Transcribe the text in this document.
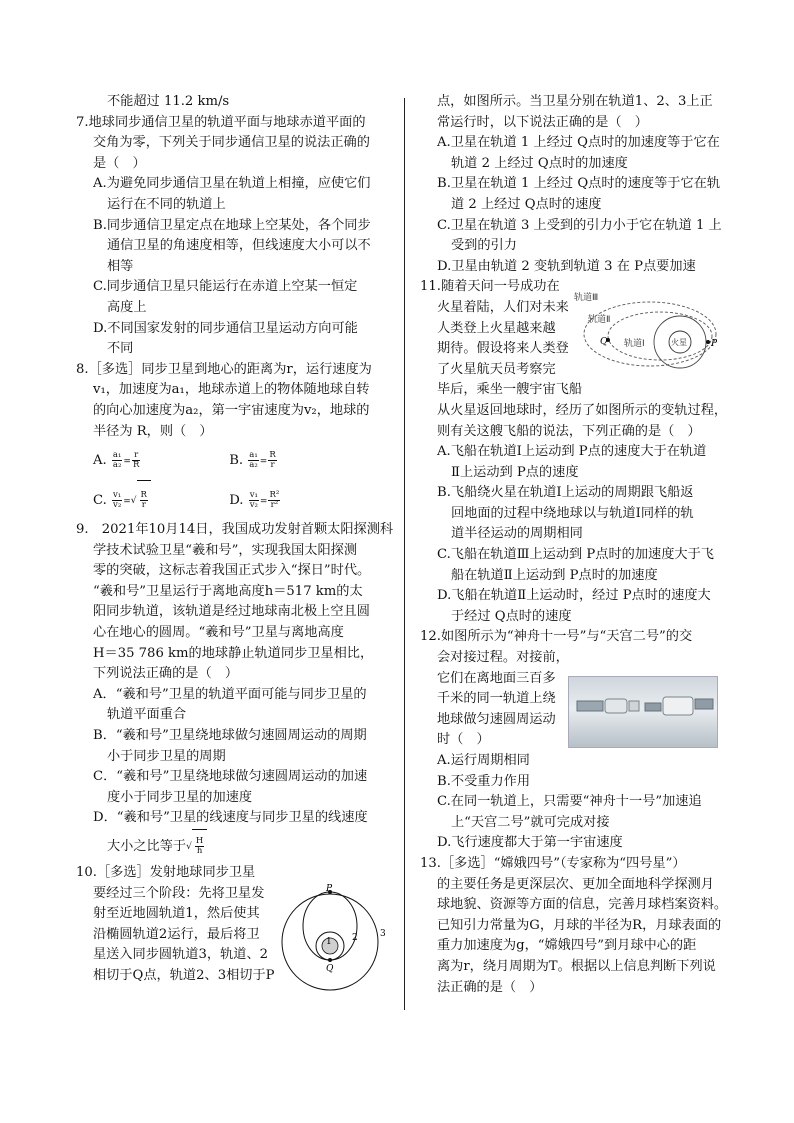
不能超过 11.2 km/s
7.地球同步通信卫星的轨道平面与地球赤道平面的
交角为零，下列关于同步通信卫星的说法正确的
是（　）
A.为避免同步通信卫星在轨道上相撞，应使它们
运行在不同的轨道上
B.同步通信卫星定点在地球上空某处，各个同步
通信卫星的角速度相等，但线速度大小可以不
相等
C.同步通信卫星只能运行在赤道上空某一恒定
高度上
D.不同国家发射的同步通信卫星运动方向可能
不同
8.［多选］同步卫星到地心的距离为r，运行速度为
v₁，加速度为a₁，地球赤道上的物体随地球自转
的向心加速度为a₂，第一宇宙速度为v₂，地球的
半径为 R，则（　）
A. $\frac{\text{a₁}}{\text{a₂}} = \frac{r}{R}$	B. $\frac{\text{a₁}}{\text{a₂}} = \frac{R}{r}$
C. $\frac{\text{v₁}}{\text{v₂}}$ =√ $\frac{R}{r}$	D. $\frac{\text{v₁}}{\text{v₂}} = \frac{\text{R²}}{\text{r²}}$
9.　2021年10月14日，我国成功发射首颗太阳探测科
学技术试验卫星“羲和号”，实现我国太阳探测
零的突破，这标志着我国正式步入“探日”时代。
“羲和号”卫星运行于离地高度h＝517 km的太
阳同步轨道，该轨道是经过地球南北极上空且圆
心在地心的圆周。“羲和号”卫星与离地高度
H＝35 786 km的地球静止轨道同步卫星相比，
下列说法正确的是（　）
A．“羲和号”卫星的轨道平面可能与同步卫星的
轨道平面重合
B．“羲和号”卫星绕地球做匀速圆周运动的周期
小于同步卫星的周期
C．“羲和号”卫星绕地球做匀速圆周运动的加速
度小于同步卫星的加速度
D．“羲和号”卫星的线速度与同步卫星的线速度
大小之比等于√ $\frac{H}{h}$
10.［多选］发射地球同步卫星
要经过三个阶段：先将卫星发
射至近地圆轨道1，然后使其
沿椭圆轨道2运行，最后将卫
星送入同步圆轨道3，轨道、2
相切于Q点，轨道2、3相切于P
P
Q
1 2 3
点，如图所示。当卫星分别在轨道1、2、3上正
常运行时，以下说法正确的是（　）
A.卫星在轨道 1 上经过 Q点时的加速度等于它在
轨道 2 上经过 Q点时的加速度
B.卫星在轨道 1 上经过 Q点时的速度等于它在轨
道 2 上经过 Q点时的速度
C.卫星在轨道 3 上受到的引力小于它在轨道 1 上
受到的引力
D.卫星由轨道 2 变轨到轨道 3 在 P点要加速
11.随着天问一号成功在
火星着陆，人们对未来
人类登上火星越来越
期待。假设将来人类登上
了火星航天员考察完
毕后，乘坐一艘宇宙飞船
从火星返回地球时，经历了如图所示的变轨过程，
则有关这艘飞船的说法，下列正确的是（　）
A.飞船在轨道Ⅰ上运动到 P点的速度大于在轨道
Ⅱ上运动到 P点的速度
B.飞船绕火星在轨道Ⅰ上运动的周期跟飞船返
回地面的过程中绕地球以与轨道Ⅰ同样的轨
道半径运动的周期相同
C.飞船在轨道Ⅲ上运动到 P点时的加速度大于飞
船在轨道Ⅱ上运动到 P点时的加速度
D.飞船在轨道Ⅱ上运动时，经过 P点时的速度大
于经过 Q点时的速度
12.如图所示为“神舟十一号”与“天宫二号”的交
会对接过程。对接前，
它们在离地面三百多
千米的同一轨道上绕
地球做匀速圆周运动
时（　）
A.运行周期相同
B.不受重力作用
C.在同一轨道上，只需要“神舟十一号”加速追
上“天宫二号”就可完成对接
D.飞行速度都大于第一宇宙速度
13.［多选］“嫦娥四号”（专家称为“四号星”）
的主要任务是更深层次、更加全面地科学探测月
球地貌、资源等方面的信息，完善月球档案资料。
已知引力常量为G，月球的半径为R，月球表面的
重力加速度为g，“嫦娥四号”到月球中心的距
离为r，绕月周期为T。根据以上信息判断下列说
法正确的是（　）
轨道Ⅲ
轨道Ⅱ
轨道Ⅰ	火星
Q	P
